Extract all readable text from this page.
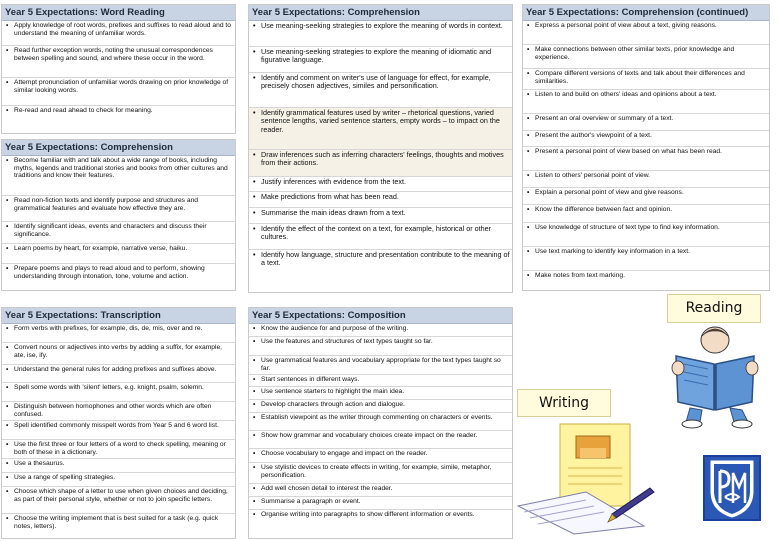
Year 5 Expectations: Word Reading
• Apply knowledge of root words, prefixes and suffixes to read aloud and to understand the meaning of unfamiliar words.
• Read further exception words, noting the unusual correspondences between spelling and sound, and where these occur in the word.
• Attempt pronunciation of unfamiliar words drawing on prior knowledge of similar looking words.
• Re-read and read ahead to check for meaning.
Year 5 Expectations: Comprehension
• Become familiar with and talk about a wide range of books, including myths, legends and traditional stories and books from other cultures and traditions and know their features.
• Read non-fiction texts and identify purpose and structures and grammatical features and evaluate how effective they are.
• Identify significant ideas, events and characters and discuss their significance.
• Learn poems by heart, for example, narrative verse, haiku.
• Prepare poems and plays to read aloud and to perform, showing understanding through intonation, tone, volume and action.
Year 5 Expectations: Comprehension
• Use meaning-seeking strategies to explore the meaning of words in context.
• Use meaning-seeking strategies to explore the meaning of idiomatic and figurative language.
• Identify and comment on writer's use of language for effect, for example, precisely chosen adjectives, similes and personification.
• Identify grammatical features used by writer – rhetorical questions, varied sentence lengths, varied sentence starters, empty words – to impact on the reader.
• Draw inferences such as inferring characters' feelings, thoughts and motives from their actions.
• Justify inferences with evidence from the text.
• Make predictions from what has been read.
• Summarise the main ideas drawn from a text.
• Identify the effect of the context on a text, for example, historical or other cultures.
• Identify how language, structure and presentation contribute to the meaning of a text.
Year 5 Expectations: Comprehension (continued)
• Express a personal point of view about a text, giving reasons.
• Make connections between other similar texts, prior knowledge and experience.
• Compare different versions of texts and talk about their differences and similarities.
• Listen to and build on others' ideas and opinions about a text.
• Present an oral overview or summary of a text.
• Present the author's viewpoint of a text.
• Present a personal point of view based on what has been read.
• Listen to others' personal point of view.
• Explain a personal point of view and give reasons.
• Know the difference between fact and opinion.
• Use knowledge of structure of text type to find key information.
• Use text marking to identify key information in a text.
• Make notes from text marking.
Year 5 Expectations: Transcription
• Form verbs with prefixes, for example, dis, de, mis, over and re.
• Convert nouns or adjectives into verbs by adding a suffix, for example, ate, ise, ify.
• Understand the general rules for adding prefixes and suffixes above.
• Spell some words with 'silent' letters, e.g. knight, psalm, solemn.
• Distinguish between homophones and other words which are often confused.
• Spell identified commonly misspelt words from Year 5 and 6 word list.
• Use the first three or four letters of a word to check spelling, meaning or both of these in a dictionary.
• Use a thesaurus.
• Use a range of spelling strategies.
• Choose which shape of a letter to use when given choices and deciding, as part of their personal style, whether or not to join specific letters.
• Choose the writing implement that is best suited for a task (e.g. quick notes, letters).
Year 5 Expectations: Composition
• Know the audience for and purpose of the writing.
• Use the features and structures of text types taught so far.
• Use grammatical features and vocabulary appropriate for the text types taught so far.
• Start sentences in different ways.
• Use sentence starters to highlight the main idea.
• Develop characters through action and dialogue.
• Establish viewpoint as the writer through commenting on characters or events.
• Show how grammar and vocabulary choices create impact on the reader.
• Choose vocabulary to engage and impact on the reader.
• Use stylistic devices to create effects in writing, for example, simile, metaphor, personification.
• Add well chosen detail to interest the reader.
• Summarise a paragraph or event.
• Organise writing into paragraphs to show different information or events.
Reading
Writing
